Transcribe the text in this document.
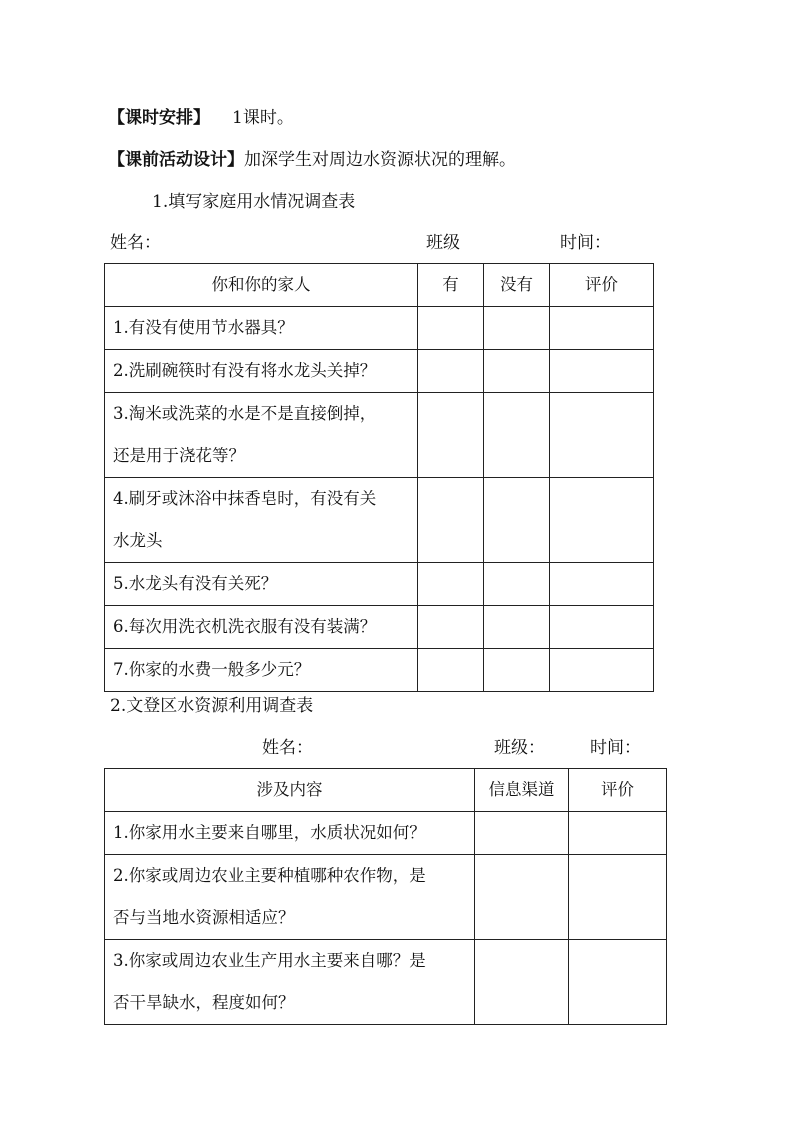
【课时安排】 1课时。
【课前活动设计】加深学生对周边水资源状况的理解。
1.填写家庭用水情况调查表
姓名：	班级	时间：
你和你的家人	有	没有	评价
1.有没有使用节水器具？			
2.洗刷碗筷时有没有将水龙头关掉？			

3.淘米或洗菜的水是不是直接倒掉，
还是用于浇花等？			

4.刷牙或沐浴中抹香皂时，有没有关
水龙头			

5.水龙头有没有关死？			
6.每次用洗衣机洗衣服有没有装满？			
7.你家的水费一般多少元？			
2.文登区水资源利用调查表
姓名：	班级：	时间：
涉及内容	信息渠道	评价
1.你家用水主要来自哪里，水质状况如何？		

2.你家或周边农业主要种植哪种农作物，是
否与当地水资源相适应？		

3.你家或周边农业生产用水主要来自哪？是
否干旱缺水，程度如何？		
